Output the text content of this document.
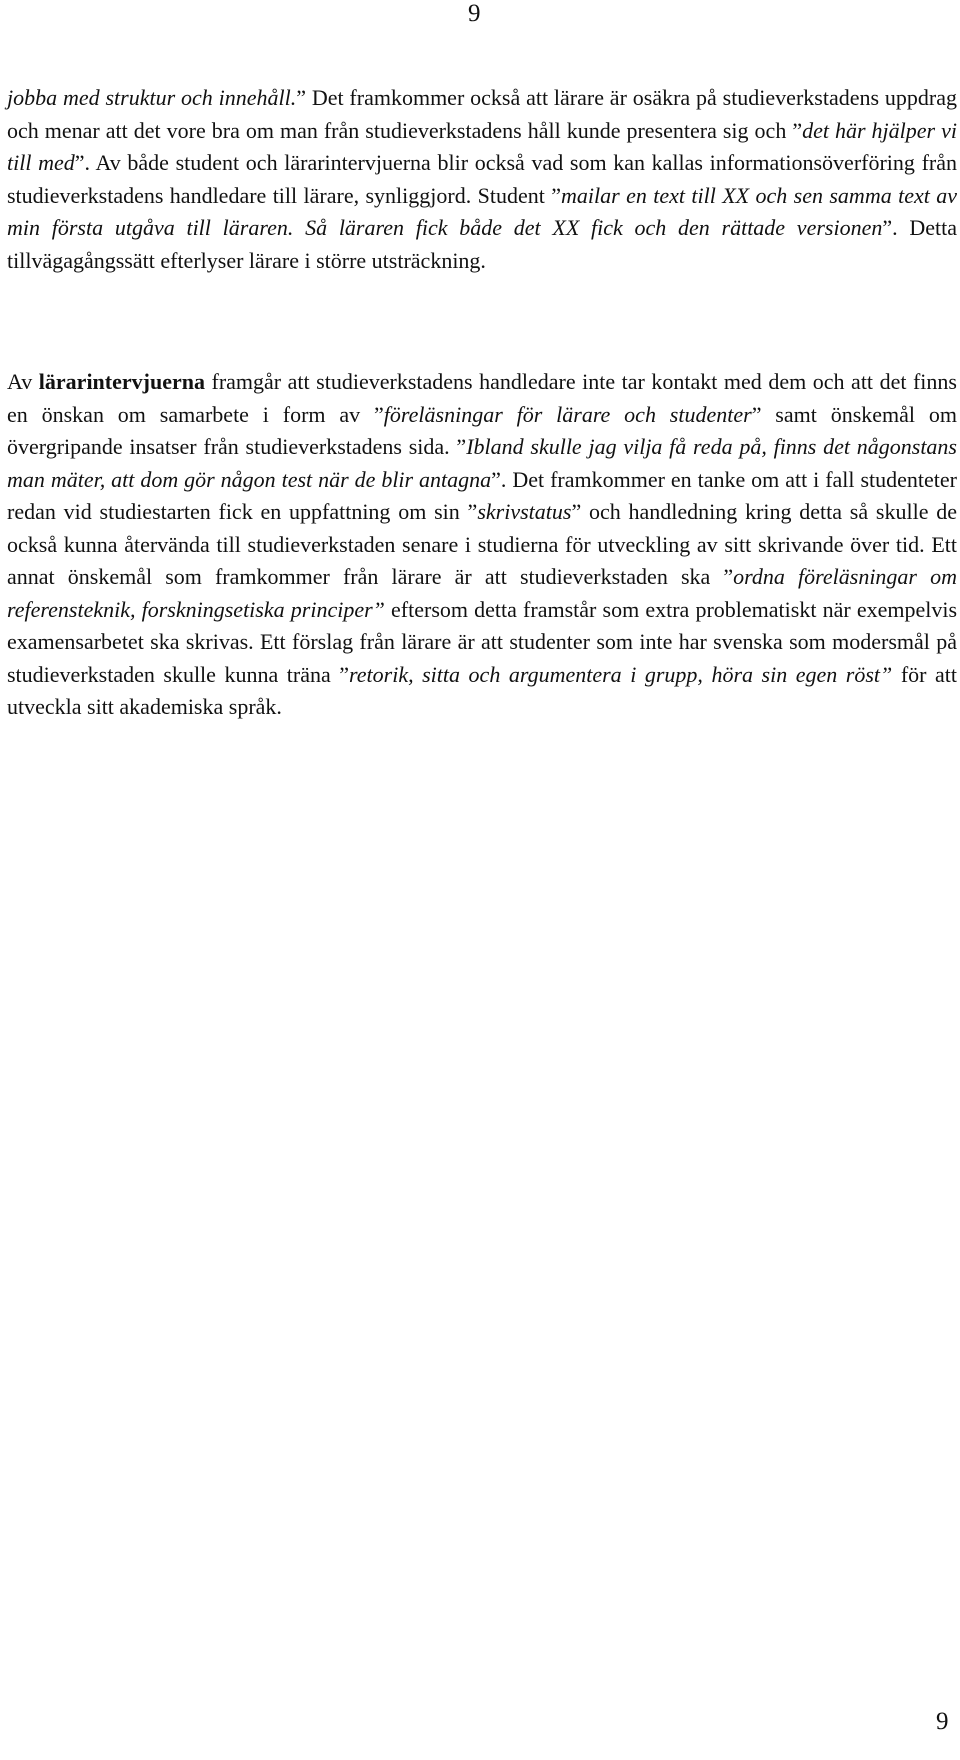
9

jobba med struktur och innehåll.” Det framkommer också att lärare är osäkra på studieverkstadens uppdrag och menar att det vore bra om man från studieverkstadens håll kunde presentera sig och ”det här hjälper vi till med”. Av både student och lärarintervjuerna blir också vad som kan kallas informationsöverföring från studieverkstadens handledare till lärare, synliggjord. Student ”mailar en text till XX och sen samma text av min första utgåva till läraren. Så läraren fick både det XX fick och den rättade versionen”. Detta tillvägagångssätt efterlyser lärare i större utsträckning.

Av lärarintervjuerna framgår att studieverkstadens handledare inte tar kontakt med dem och att det finns en önskan om samarbete i form av ”föreläsningar för lärare och studenter” samt önskemål om övergripande insatser från studieverkstadens sida. ”Ibland skulle jag vilja få reda på, finns det någonstans man mäter, att dom gör någon test när de blir antagna”. Det framkommer en tanke om att i fall studenteter redan vid studiestarten fick en uppfattning om sin ”skrivstatus” och handledning kring detta så skulle de också kunna återvända till studieverkstaden senare i studierna för utveckling av sitt skrivande över tid. Ett annat önskemål som framkommer från lärare är att studieverkstaden ska ”ordna föreläsningar om referensteknik, forskningsetiska principer” eftersom detta framstår som extra problematiskt när exempelvis examensarbetet ska skrivas. Ett förslag från lärare är att studenter som inte har svenska som modersmål på studieverkstaden skulle kunna träna ”retorik, sitta och argumentera i grupp, höra sin egen röst” för att utveckla sitt akademiska språk.

9
